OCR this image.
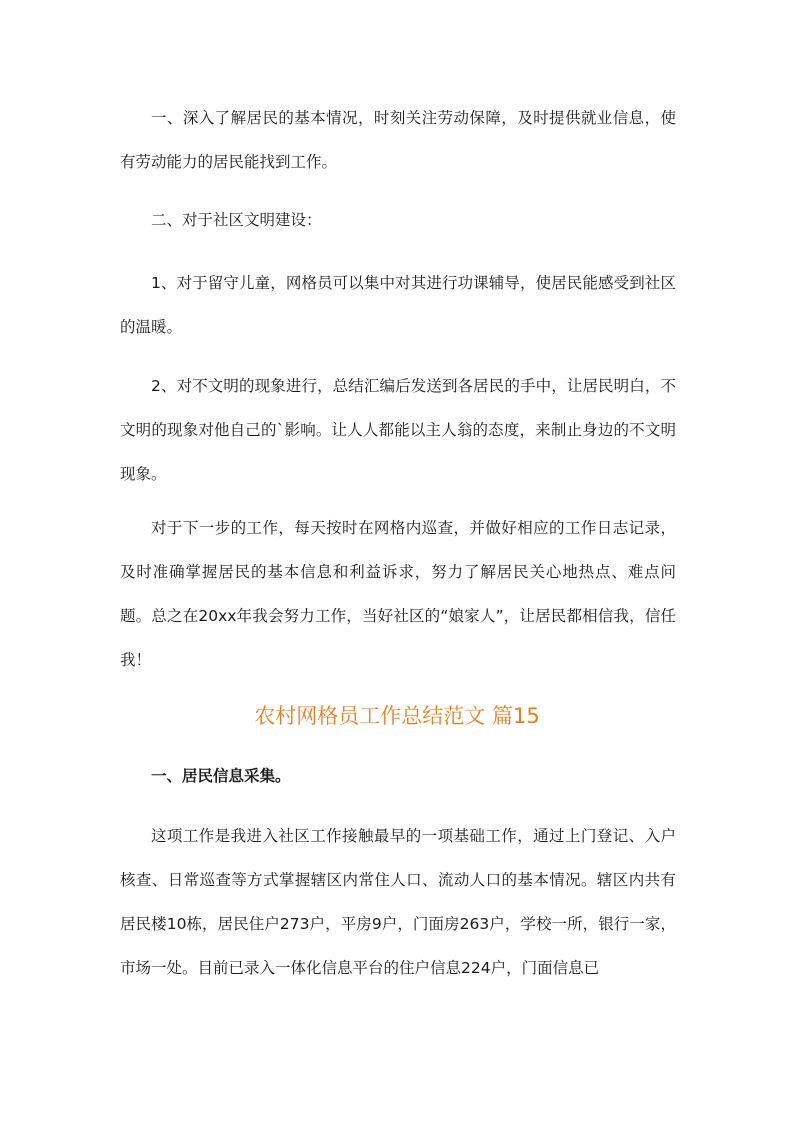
一、深入了解居民的基本情况，时刻关注劳动保障，及时提供就业信息，使有劳动能力的居民能找到工作。

二、对于社区文明建设：

1、对于留守儿童，网格员可以集中对其进行功课辅导，使居民能感受到社区的温暖。

2、对不文明的现象进行，总结汇编后发送到各居民的手中，让居民明白，不文明的现象对他自己的`影响。让人人都能以主人翁的态度，来制止身边的不文明现象。

对于下一步的工作，每天按时在网格内巡查，并做好相应的工作日志记录，及时准确掌握居民的基本信息和利益诉求，努力了解居民关心地热点、难点问题。总之在20xx年我会努力工作，当好社区的“娘家人”，让居民都相信我，信任我！

农村网格员工作总结范文 篇15

一、居民信息采集。

这项工作是我进入社区工作接触最早的一项基础工作，通过上门登记、入户核查、日常巡查等方式掌握辖区内常住人口、流动人口的基本情况。辖区内共有居民楼10栋，居民住户273户，平房9户，门面房263户，学校一所，银行一家，市场一处。目前已录入一体化信息平台的住户信息224户，门面信息已
